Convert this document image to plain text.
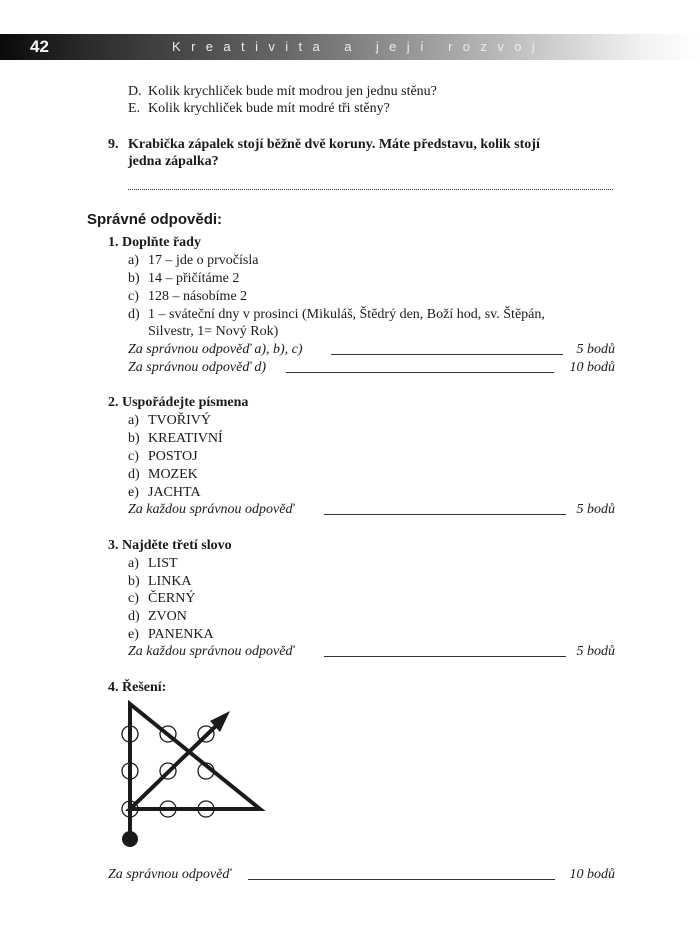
42	Kreativita a její rozvoj
D. Kolik krychliček bude mít modrou jen jednu stěnu?
E. Kolik krychliček bude mít modré tři stěny?
9. Krabička zápalek stojí běžně dvě koruny. Máte představu, kolik stojí
jedna zápalka?
Správné odpovědi:
1. Doplňte řady
a) 17 – jde o prvočísla
b) 14 – přičítáme 2
c) 128 – násobíme 2
d) 1 – sváteční dny v prosinci (Mikuláš, Štědrý den, Boží hod, sv. Štěpán,
Silvestr, 1= Nový Rok)
Za správnou odpověď a), b), c)	5 bodů
Za správnou odpověď d)	10 bodů
2. Uspořádejte písmena
a) TVOŘIVÝ
b) KREATIVNÍ
c) POSTOJ
d) MOZEK
e) JACHTA
Za každou správnou odpověď	5 bodů
3. Najděte třetí slovo
a) LIST
b) LINKA
c) ČERNÝ
d) ZVON
e) PANENKA
Za každou správnou odpověď	5 bodů
4. Řešení:
Za správnou odpověď	10 bodů
